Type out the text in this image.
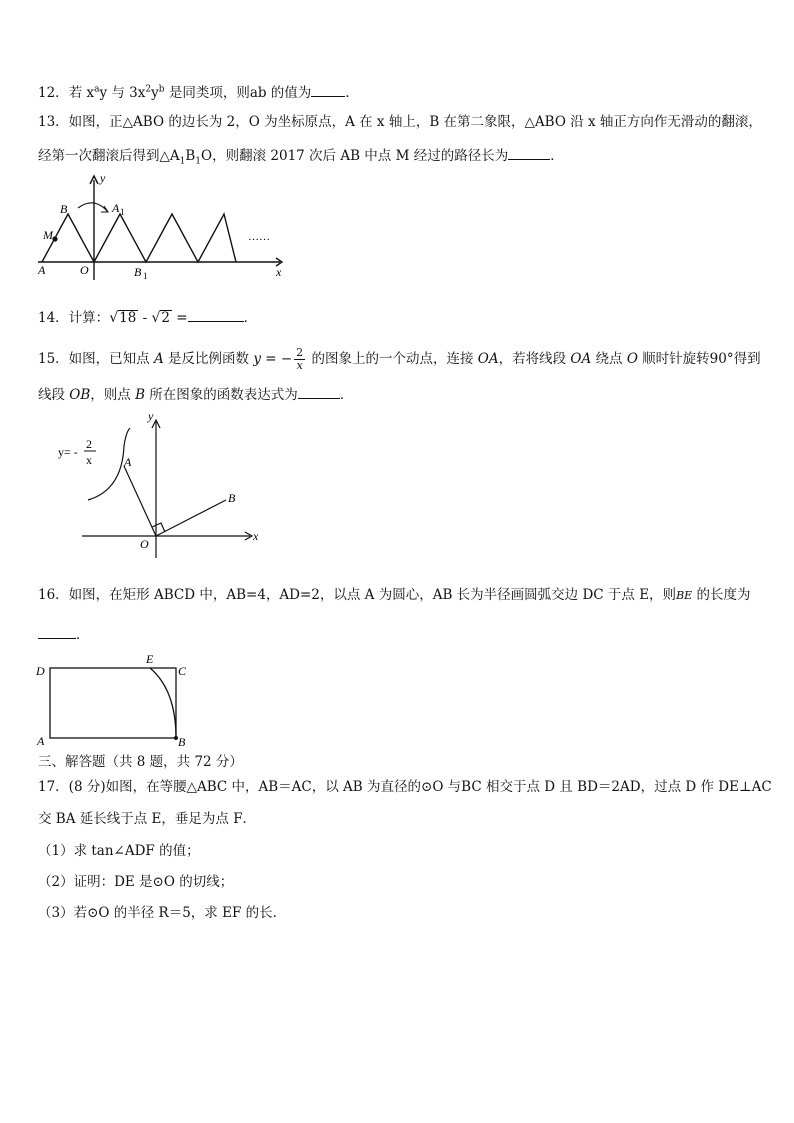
12．若 $x^ay$ 与 $3x^2y^b$ 是同类项，则ab 的值为	．
13．如图，正△ABO 的边长为 2，O 为坐标原点，A 在 x 轴上，B 在第二象限，△ABO 沿 x 轴正方向作无滑动的翻滚，
经第一次翻滚后得到$\triangle A_1B_1O$，则翻滚 2017 次后 AB 中点 M 经过的路径长为	．
y
x
B	A 1
M
A	O	B 1
……
14．计算：√18 - √2 =	．
15．如图，已知点 A 是反比例函数 y = − $\frac{2}{x}$ 的图象上的一个动点，连接 OA，若将线段 OA 绕点 O 顺时针旋转90°得到
线段 OB，则点 B 所在图象的函数表达式为	．
y= -
2
x
y
x
A
B
O
16．如图，在矩形 ABCD 中，AB=4，AD=2，以点 A 为圆心，AB 长为半径画圆弧交边 DC 于点 E，则BE 的长度为
．
D
E
C
A	B
三、解答题（共 8 题，共 72 分）
17．(8 分)如图，在等腰△ABC 中，AB＝AC，以 AB 为直径的⊙O 与BC 相交于点 D 且 BD＝2AD，过点 D 作 DE⊥AC
交 BA 延长线于点 E，垂足为点 F．
（1）求 tan∠ADF 的值；
（2）证明：DE 是⊙O 的切线；
（3）若⊙O 的半径 R＝5，求 EF 的长．
